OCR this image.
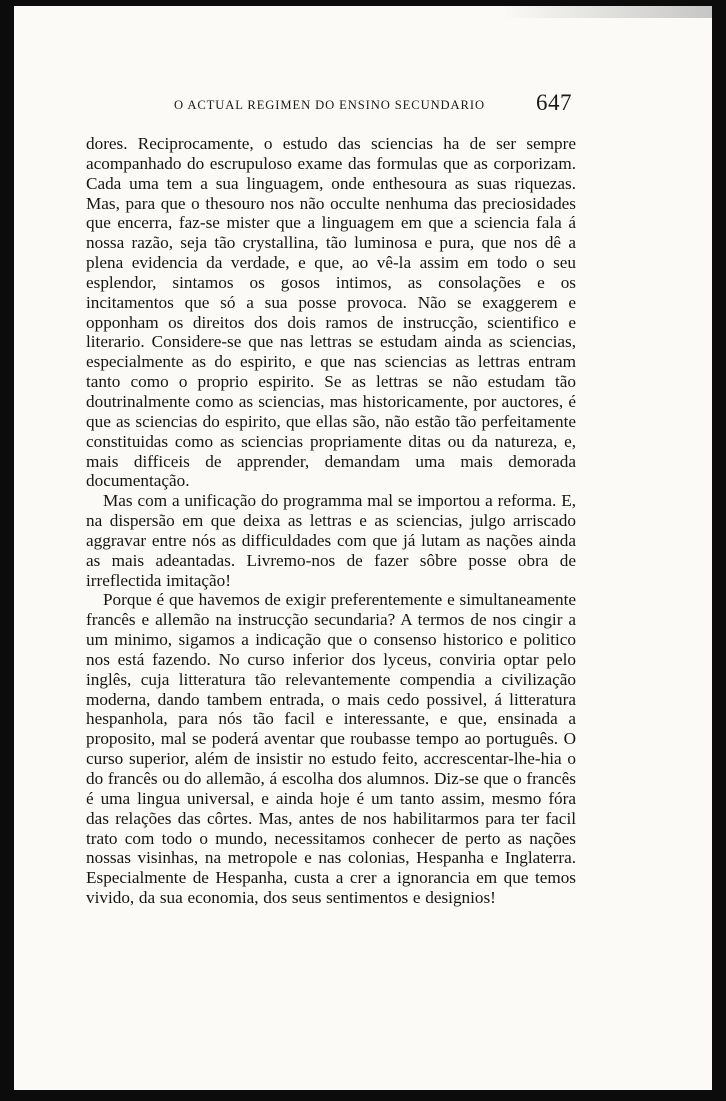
O ACTUAL REGIMEN DO ENSINO SECUNDARIO 647

dores. Reciprocamente, o estudo das sciencias ha de ser sempre acompanhado do escrupuloso exame das formulas que as corporizam. Cada uma tem a sua linguagem, onde enthesoura as suas riquezas. Mas, para que o thesouro nos não occulte nenhuma das preciosidades que encerra, faz-se mister que a linguagem em que a sciencia fala á nossa razão, seja tão crystallina, tão luminosa e pura, que nos dê a plena evidencia da verdade, e que, ao vê-la assim em todo o seu esplendor, sintamos os gosos intimos, as consolações e os incitamentos que só a sua posse provoca. Não se exaggerem e opponham os direitos dos dois ramos de instrucção, scientifico e literario. Considere-se que nas lettras se estudam ainda as sciencias, especialmente as do espirito, e que nas sciencias as lettras entram tanto como o proprio espirito. Se as lettras se não estudam tão doutrinalmente como as sciencias, mas historicamente, por auctores, é que as sciencias do espirito, que ellas são, não estão tão perfeitamente constituidas como as sciencias propriamente ditas ou da natureza, e, mais difficeis de apprender, demandam uma mais demorada documentação.

Mas com a unificação do programma mal se importou a reforma. E, na dispersão em que deixa as lettras e as sciencias, julgo arriscado aggravar entre nós as difficuldades com que já lutam as nações ainda as mais adeantadas. Livremo-nos de fazer sôbre posse obra de irreflectida imitação!

Porque é que havemos de exigir preferentemente e simultaneamente francês e allemão na instrucção secundaria? A termos de nos cingir a um minimo, sigamos a indicação que o consenso historico e politico nos está fazendo. No curso inferior dos lyceus, conviria optar pelo inglês, cuja litteratura tão relevantemente compendia a civilização moderna, dando tambem entrada, o mais cedo possivel, á litteratura hespanhola, para nós tão facil e interessante, e que, ensinada a proposito, mal se poderá aventar que roubasse tempo ao português. O curso superior, além de insistir no estudo feito, accrescentar-lhe-hia o do francês ou do allemão, á escolha dos alumnos. Diz-se que o francês é uma lingua universal, e ainda hoje é um tanto assim, mesmo fóra das relações das côrtes. Mas, antes de nos habilitarmos para ter facil trato com todo o mundo, necessitamos conhecer de perto as nações nossas visinhas, na metropole e nas colonias, Hespanha e Inglaterra. Especialmente de Hespanha, custa a crer a ignorancia em que temos vivido, da sua economia, dos seus sentimentos e designios!
